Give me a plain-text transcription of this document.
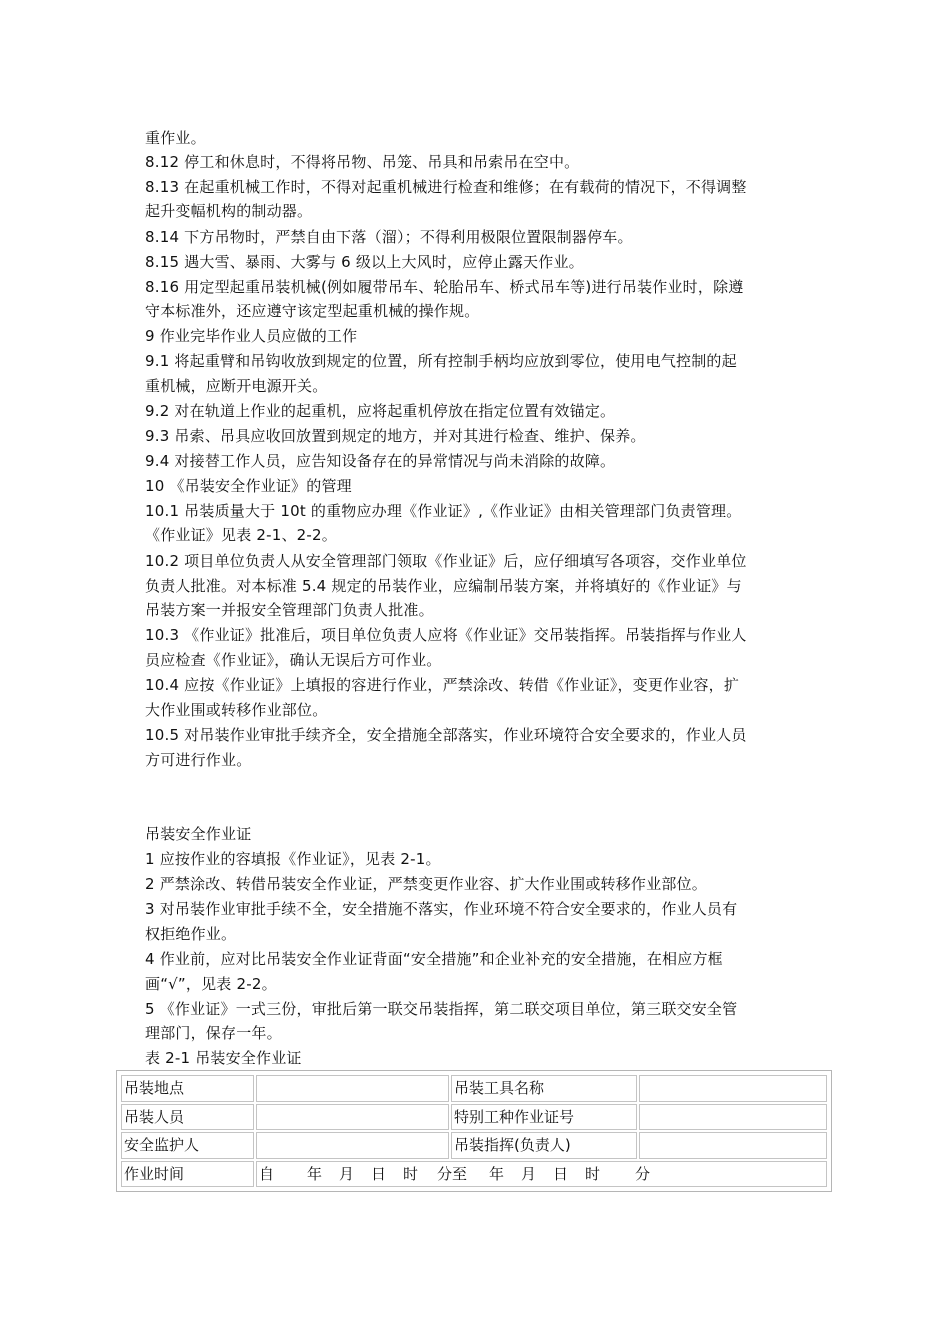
重作业。
8.12 停工和休息时，不得将吊物、吊笼、吊具和吊索吊在空中。
8.13 在起重机械工作时，不得对起重机械进行检查和维修；在有载荷的情况下，不得调整
起升变幅机构的制动器。
8.14 下方吊物时，严禁自由下落（溜）；不得利用极限位置限制器停车。
8.15 遇大雪、暴雨、大雾与 6 级以上大风时，应停止露天作业。
8.16 用定型起重吊装机械(例如履带吊车、轮胎吊车、桥式吊车等)进行吊装作业时，除遵
守本标准外，还应遵守该定型起重机械的操作规。
9 作业完毕作业人员应做的工作
9.1 将起重臂和吊钩收放到规定的位置，所有控制手柄均应放到零位，使用电气控制的起
重机械，应断开电源开关。
9.2 对在轨道上作业的起重机，应将起重机停放在指定位置有效锚定。
9.3 吊索、吊具应收回放置到规定的地方，并对其进行检查、维护、保养。
9.4 对接替工作人员，应告知设备存在的异常情况与尚未消除的故障。
10 《吊装安全作业证》的管理
10.1 吊装质量大于 10t 的重物应办理《作业证》,《作业证》由相关管理部门负责管理。
《作业证》见表 2-1、2-2。
10.2 项目单位负责人从安全管理部门领取《作业证》后，应仔细填写各项容，交作业单位
负责人批准。对本标准 5.4 规定的吊装作业，应编制吊装方案，并将填好的《作业证》与
吊装方案一并报安全管理部门负责人批准。
10.3 《作业证》批准后，项目单位负责人应将《作业证》交吊装指挥。吊装指挥与作业人
员应检查《作业证》，确认无误后方可作业。
10.4 应按《作业证》上填报的容进行作业，严禁涂改、转借《作业证》，变更作业容，扩
大作业围或转移作业部位。
10.5 对吊装作业审批手续齐全，安全措施全部落实，作业环境符合安全要求的，作业人员
方可进行作业。
吊装安全作业证
1 应按作业的容填报《作业证》，见表 2-1。
2 严禁涂改、转借吊装安全作业证，严禁变更作业容、扩大作业围或转移作业部位。
3 对吊装作业审批手续不全，安全措施不落实，作业环境不符合安全要求的，作业人员有
权拒绝作业。
4 作业前，应对比吊装安全作业证背面“安全措施”和企业补充的安全措施，在相应方框
画“√”，见表 2-2。
5 《作业证》一式三份，审批后第一联交吊装指挥，第二联交项目单位，第三联交安全管
理部门，保存一年。
表 2-1 吊装安全作业证
吊装地点		吊装工具名称	
吊装人员		特别工种作业证号	
安全监护人		吊装指挥(负责人)	
作业时间	自 年 月 日 时 分至 年 月 日 时 分		
